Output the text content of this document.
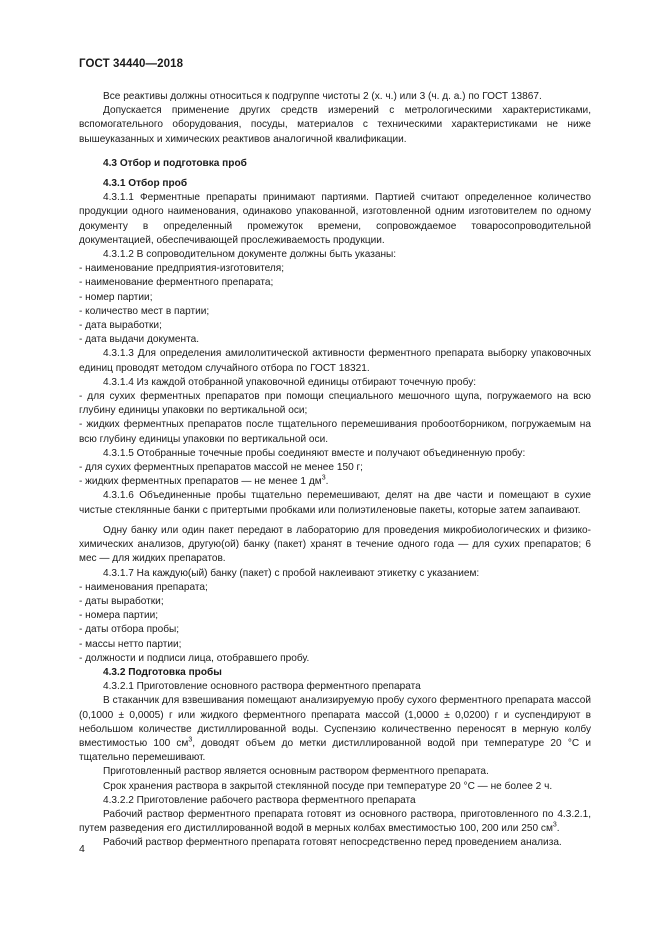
ГОСТ 34440—2018

Все реактивы должны относиться к подгруппе чистоты 2 (х. ч.) или 3 (ч. д. а.) по ГОСТ 13867.

Допускается применение других средств измерений с метрологическими характеристиками, вспомогательного оборудования, посуды, материалов с техническими характеристиками не ниже вышеуказанных и химических реактивов аналогичной квалификации.

4.3 Отбор и подготовка проб

4.3.1 Отбор проб

4.3.1.1 Ферментные препараты принимают партиями. Партией считают определенное количество продукции одного наименования, одинаково упакованной, изготовленной одним изготовителем по одному документу в определенный промежуток времени, сопровождаемое товаросопроводительной документацией, обеспечивающей прослеживаемость продукции.

4.3.1.2 В сопроводительном документе должны быть указаны:

- наименование предприятия-изготовителя;

- наименование ферментного препарата;

- номер партии;

- количество мест в партии;

- дата выработки;

- дата выдачи документа.

4.3.1.3 Для определения амилолитической активности ферментного препарата выборку упаковочных единиц проводят методом случайного отбора по ГОСТ 18321.

4.3.1.4 Из каждой отобранной упаковочной единицы отбирают точечную пробу:

- для сухих ферментных препаратов при помощи специального мешочного щупа, погружаемого на всю глубину единицы упаковки по вертикальной оси;

- жидких ферментных препаратов после тщательного перемешивания пробоотборником, погружаемым на всю глубину единицы упаковки по вертикальной оси.

4.3.1.5 Отобранные точечные пробы соединяют вместе и получают объединенную пробу:

- для сухих ферментных препаратов массой не менее 150 г;

- жидких ферментных препаратов — не менее 1 $дм^3$.

4.3.1.6 Объединенные пробы тщательно перемешивают, делят на две части и помещают в сухие чистые стеклянные банки с притертыми пробками или полиэтиленовые пакеты, которые затем запаивают.

Одну банку или один пакет передают в лабораторию для проведения микробиологических и физико-химических анализов, другую(ой) банку (пакет) хранят в течение одного года — для сухих препаратов; 6 мес — для жидких препаратов.

4.3.1.7 На каждую(ый) банку (пакет) с пробой наклеивают этикетку с указанием:

- наименования препарата;

- даты выработки;

- номера партии;

- даты отбора пробы;

- массы нетто партии;

- должности и подписи лица, отобравшего пробу.

4.3.2 Подготовка пробы

4.3.2.1 Приготовление основного раствора ферментного препарата

В стаканчик для взвешивания помещают анализируемую пробу сухого ферментного препарата массой (0,1000 ± 0,0005) г или жидкого ферментного препарата массой (1,0000 ± 0,0200) г и суспендируют в небольшом количестве дистиллированной воды. Суспензию количественно переносят в мерную колбу вместимостью 100 $см^3$, доводят объем до метки дистиллированной водой при температуре 20 °С и тщательно перемешивают.

Приготовленный раствор является основным раствором ферментного препарата.

Срок хранения раствора в закрытой стеклянной посуде при температуре 20 °С — не более 2 ч.

4.3.2.2 Приготовление рабочего раствора ферментного препарата

Рабочий раствор ферментного препарата готовят из основного раствора, приготовленного по 4.3.2.1, путем разведения его дистиллированной водой в мерных колбах вместимостью 100, 200 или 250 $см^3$.

Рабочий раствор ферментного препарата готовят непосредственно перед проведением анализа.

4
